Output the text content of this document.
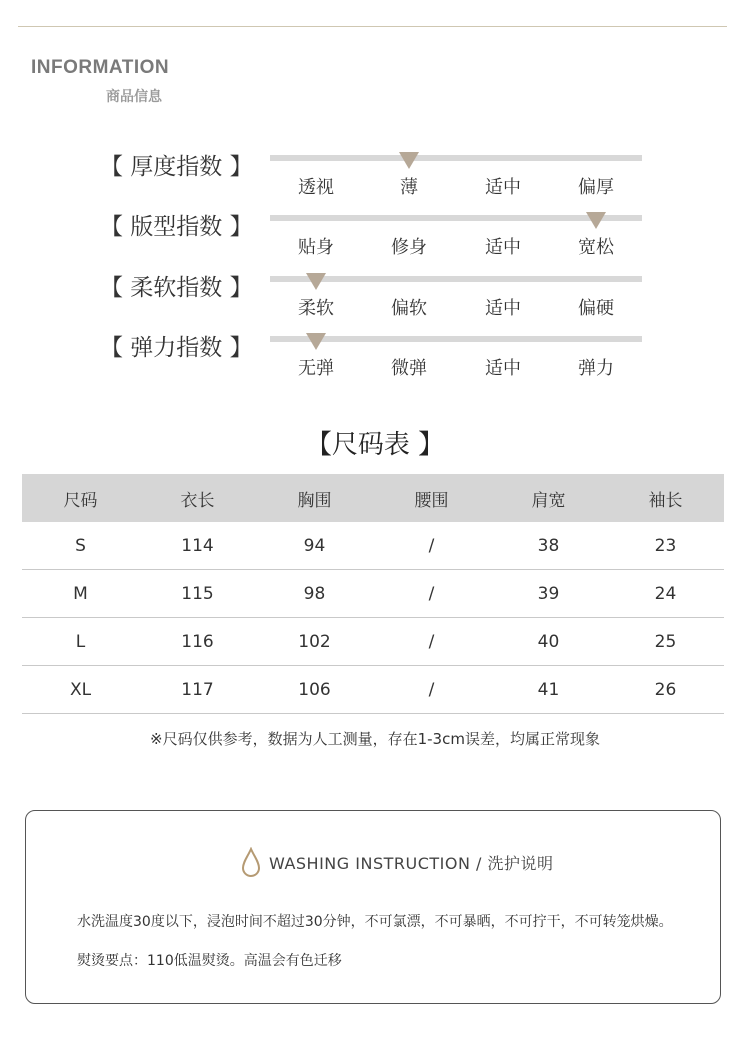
INFORMATION
商品信息
【 厚度指数 】
透视	薄	适中	偏厚
【 版型指数 】
贴身	修身	适中	宽松
【 柔软指数 】
柔软	偏软	适中	偏硬
【 弹力指数 】
无弹	微弹	适中	弹力
【尺码表 】
尺码	衣长	胸围	腰围	肩宽	袖长
S	114	94	/	38	23
M	115	98	/	39	24
L	116	102	/	40	25
XL	117	106	/	41	26
※尺码仅供参考，数据为人工测量，存在1-3cm误差，均属正常现象
WASHING INSTRUCTION / 洗护说明
水洗温度30度以下，浸泡时间不超过30分钟，不可氯漂，不可暴晒，不可拧干，不可转笼烘燥。
熨烫要点：110低温熨烫。高温会有色迁移
